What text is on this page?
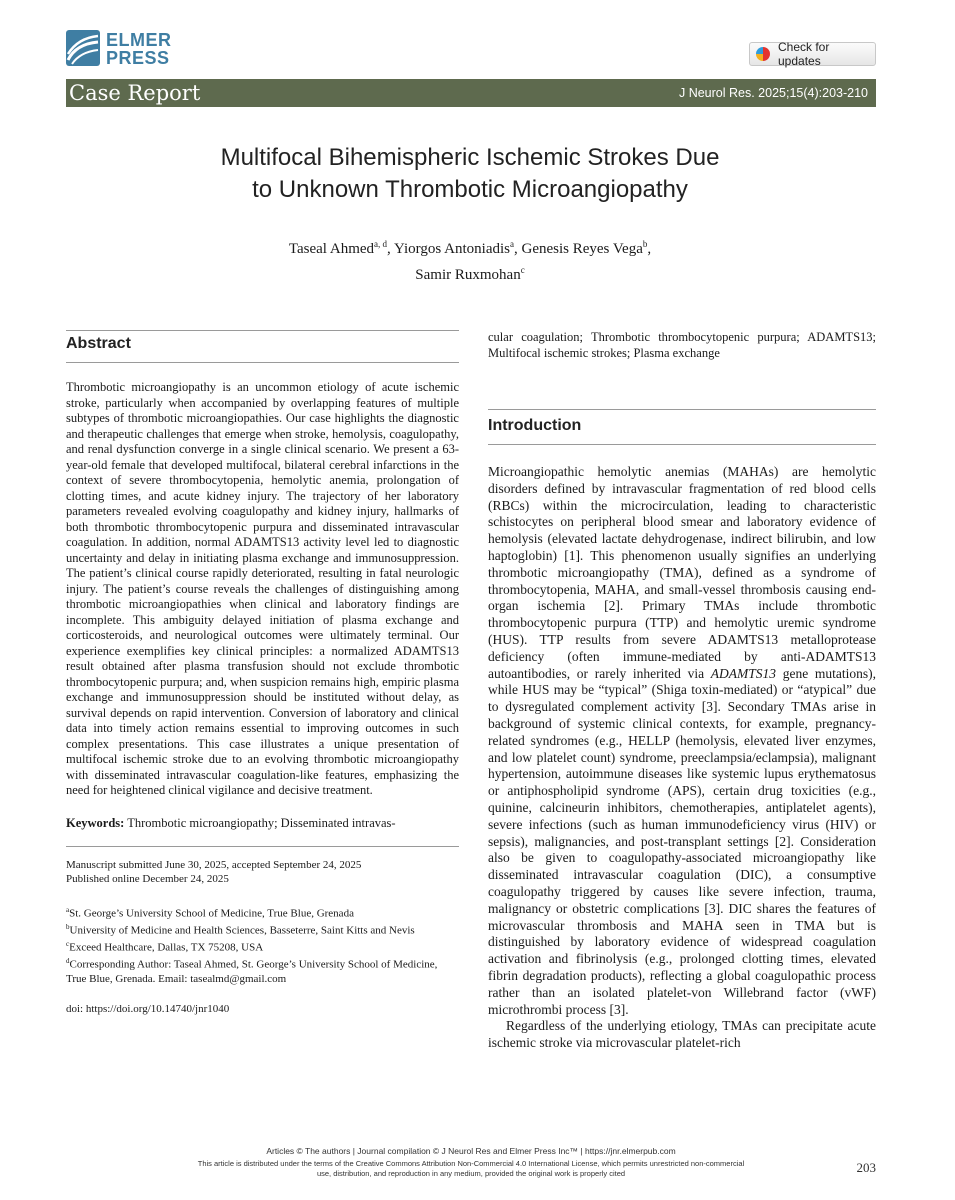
ELMER
PRESS
Check for updates
Case Report	J Neurol Res. 2025;15(4):203-210
Multifocal Bihemispheric Ischemic Strokes Due
to Unknown Thrombotic Microangiopathy
Taseal Ahmed$^{a, d}$, Yiorgos Antoniadis$^a$, Genesis Reyes Vega$^b$,
Samir Ruxmohan$^c$
Abstract

Thrombotic microangiopathy is an uncommon etiology of acute ischemic stroke, particularly when accompanied by overlapping features of multiple subtypes of thrombotic microangiopathies. Our case highlights the diagnostic and therapeutic challenges that emerge when stroke, hemolysis, coagulopathy, and renal dysfunction converge in a single clinical scenario. We present a 63-year-old female that developed multifocal, bilateral cerebral infarctions in the context of severe thrombocytopenia, hemolytic anemia, prolongation of clotting times, and acute kidney injury. The trajectory of her laboratory parameters revealed evolving coagulopathy and kidney injury, hallmarks of both thrombotic thrombocytopenic purpura and disseminated intravascular coagulation. In addition, normal ADAMTS13 activity level led to diagnostic uncertainty and delay in initiating plasma exchange and immunosuppression. The patient’s clinical course rapidly deteriorated, resulting in fatal neurologic injury. The patient’s course reveals the challenges of distinguishing among thrombotic microangiopathies when clinical and laboratory findings are incomplete. This ambiguity delayed initiation of plasma exchange and corticosteroids, and neurological outcomes were ultimately terminal. Our experience exemplifies key clinical principles: a normalized ADAMTS13 result obtained after plasma transfusion should not exclude thrombotic thrombocytopenic purpura; and, when suspicion remains high, empiric plasma exchange and immunosuppression should be instituted without delay, as survival depends on rapid intervention. Conversion of laboratory and clinical data into timely action remains essential to improving outcomes in such complex presentations. This case illustrates a unique presentation of multifocal ischemic stroke due to an evolving thrombotic microangiopathy with disseminated intravascular coagulation-like features, emphasizing the need for heightened clinical vigilance and decisive treatment.

Keywords: Thrombotic microangiopathy; Disseminated intravas-

Manuscript submitted June 30, 2025, accepted September 24, 2025

Published online December 24, 2025

$^a$St. George’s University School of Medicine, True Blue, Grenada

$^b$University of Medicine and Health Sciences, Basseterre, Saint Kitts and Nevis

$^c$Exceed Healthcare, Dallas, TX 75208, USA

$^d$Corresponding Author: Taseal Ahmed, St. George’s University School of Medicine, True Blue, Grenada. Email: tasealmd@gmail.com

doi: https://doi.org/10.14740/jnr1040

cular coagulation; Thrombotic thrombocytopenic purpura; ADAMTS13; Multifocal ischemic strokes; Plasma exchange

Introduction

Microangiopathic hemolytic anemias (MAHAs) are hemolytic disorders defined by intravascular fragmentation of red blood cells (RBCs) within the microcirculation, leading to characteristic schistocytes on peripheral blood smear and laboratory evidence of hemolysis (elevated lactate dehydrogenase, indirect bilirubin, and low haptoglobin) [1]. This phenomenon usually signifies an underlying thrombotic microangiopathy (TMA), defined as a syndrome of thrombocytopenia, MAHA, and small-vessel thrombosis causing end-organ ischemia [2]. Primary TMAs include thrombotic thrombocytopenic purpura (TTP) and hemolytic uremic syndrome (HUS). TTP results from severe ADAMTS13 metalloprotease deficiency (often immune-mediated by anti-ADAMTS13 autoantibodies, or rarely inherited via ADAMTS13 gene mutations), while HUS may be “typical” (Shiga toxin-mediated) or “atypical” due to dysregulated complement activity [3]. Secondary TMAs arise in background of systemic clinical contexts, for example, pregnancy-related syndromes (e.g., HELLP (hemolysis, elevated liver enzymes, and low platelet count) syndrome, preeclampsia/eclampsia), malignant hypertension, autoimmune diseases like systemic lupus erythematosus or antiphospholipid syndrome (APS), certain drug toxicities (e.g., quinine, calcineurin inhibitors, chemotherapies, antiplatelet agents), severe infections (such as human immunodeficiency virus (HIV) or sepsis), malignancies, and post-transplant settings [2]. Consideration also be given to coagulopathy-associated microangiopathy like disseminated intravascular coagulation (DIC), a consumptive coagulopathy triggered by causes like severe infection, trauma, malignancy or obstetric complications [3]. DIC shares the features of microvascular thrombosis and MAHA seen in TMA but is distinguished by laboratory evidence of widespread coagulation activation and fibrinolysis (e.g., prolonged clotting times, elevated fibrin degradation products), reflecting a global coagulopathic process rather than an isolated platelet-von Willebrand factor (vWF) microthrombi process [3].

Regardless of the underlying etiology, TMAs can precipitate acute ischemic stroke via microvascular platelet-rich

Articles © The authors | Journal compilation © J Neurol Res and Elmer Press Inc™ | https://jnr.elmerpub.com
This article is distributed under the terms of the Creative Commons Attribution Non-Commercial 4.0 International License, which permits unrestricted non-commercial use, distribution, and reproduction in any medium, provided the original work is properly cited	203
